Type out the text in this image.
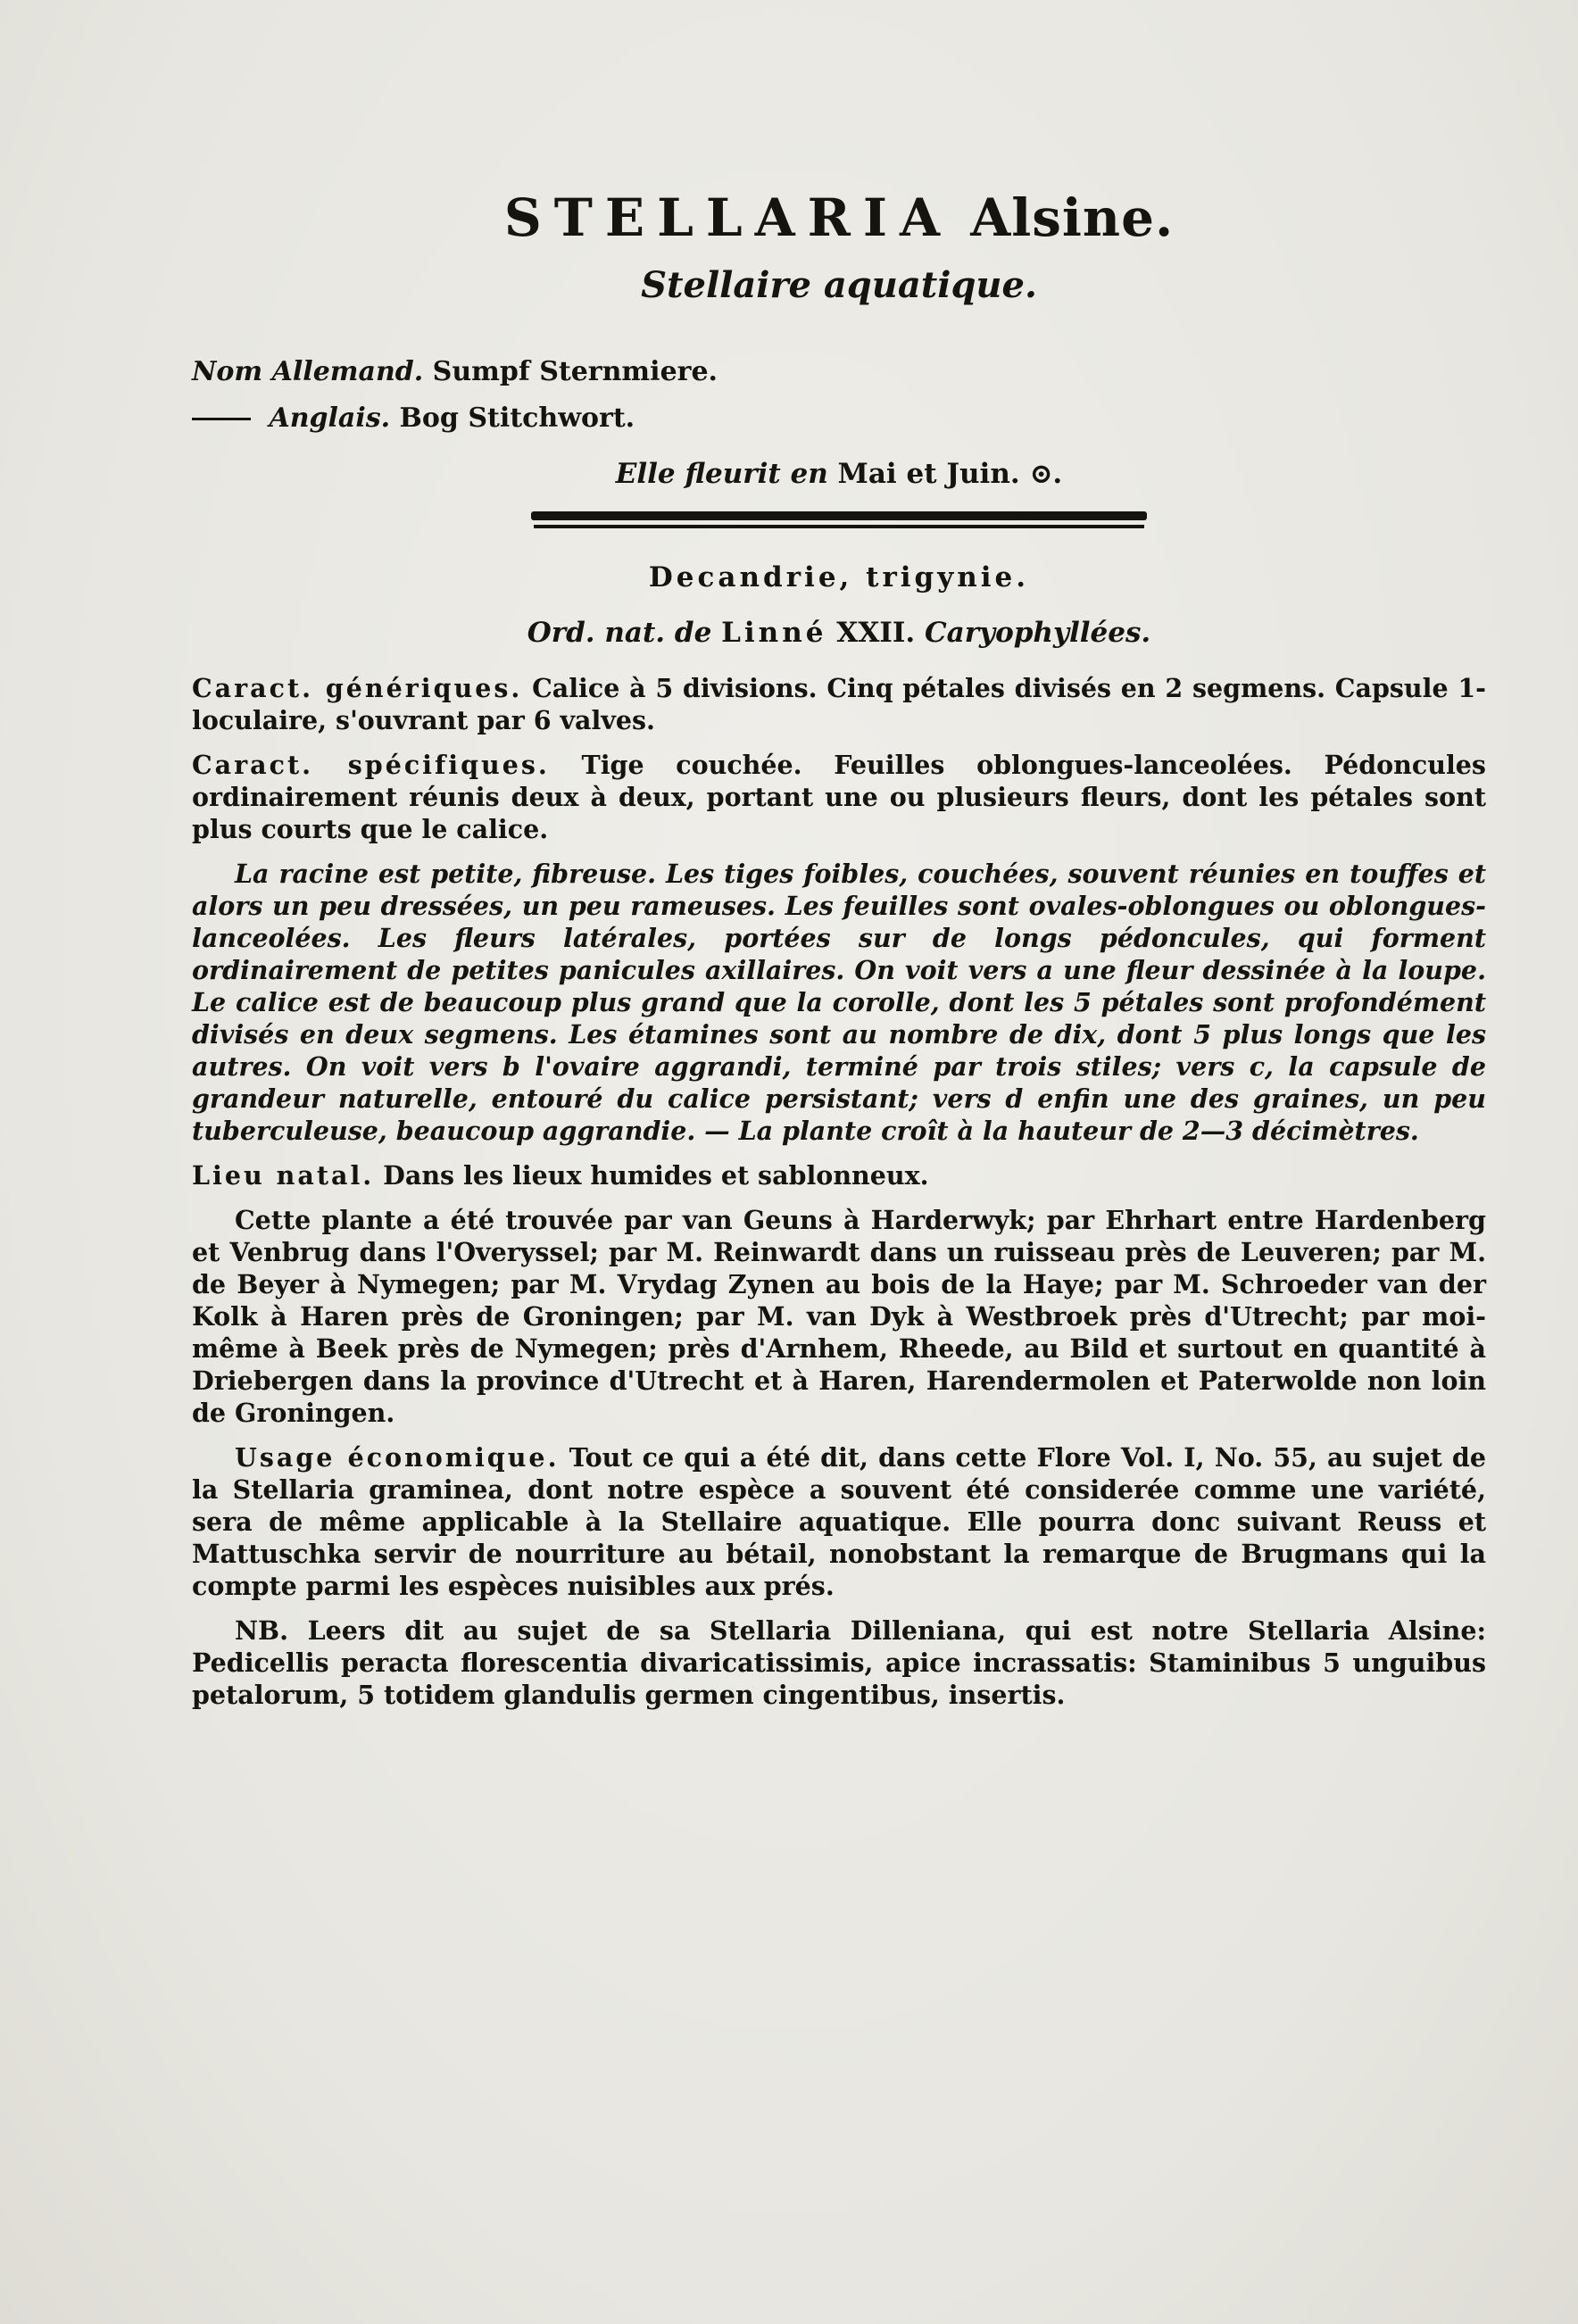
STELLARIA Alsine.
Stellaire aquatique.
Nom Allemand. Sumpf Sternmiere.
Anglais. Bog Stitchwort.
Elle fleurit en Mai et Juin. ⊙.
Decandrie, trigynie.
Ord. nat. de Linné XXII. Caryophyllées.

Caract. génériques. Calice à 5 divisions. Cinq pétales divisés en 2 segmens. Capsule 1-loculaire, s'ouvrant par 6 valves.

Caract. spécifiques. Tige couchée. Feuilles oblongues-lanceolées. Pédoncules ordinairement réunis deux à deux, portant une ou plusieurs fleurs, dont les pétales sont plus courts que le calice.

La racine est petite, fibreuse. Les tiges foibles, couchées, souvent réunies en touffes et alors un peu dressées, un peu rameuses. Les feuilles sont ovales-oblongues ou oblongues-lanceolées. Les fleurs latérales, portées sur de longs pédoncules, qui forment ordinairement de petites panicules axillaires. On voit vers a une fleur dessinée à la loupe. Le calice est de beaucoup plus grand que la corolle, dont les 5 pétales sont profondément divisés en deux segmens. Les étamines sont au nombre de dix, dont 5 plus longs que les autres. On voit vers b l'ovaire aggrandi, terminé par trois stiles; vers c, la capsule de grandeur naturelle, entouré du calice persistant; vers d enfin une des graines, un peu tuberculeuse, beaucoup aggrandie. — La plante croît à la hauteur de 2—3 décimètres.

Lieu natal. Dans les lieux humides et sablonneux.

Cette plante a été trouvée par van Geuns à Harderwyk; par Ehrhart entre Hardenberg et Venbrug dans l'Overyssel; par M. Reinwardt dans un ruisseau près de Leuveren; par M. de Beyer à Nymegen; par M. Vrydag Zynen au bois de la Haye; par M. Schroeder van der Kolk à Haren près de Groningen; par M. van Dyk à Westbroek près d'Utrecht; par moi-même à Beek près de Nymegen; près d'Arnhem, Rheede, au Bild et surtout en quantité à Driebergen dans la province d'Utrecht et à Haren, Harendermolen et Paterwolde non loin de Groningen.

Usage économique. Tout ce qui a été dit, dans cette Flore Vol. I, No. 55, au sujet de la Stellaria graminea, dont notre espèce a souvent été considerée comme une variété, sera de même applicable à la Stellaire aquatique. Elle pourra donc suivant Reuss et Mattuschka servir de nourriture au bétail, nonobstant la remarque de Brugmans qui la compte parmi les espèces nuisibles aux prés.

NB. Leers dit au sujet de sa Stellaria Dilleniana, qui est notre Stellaria Alsine: Pedicellis peracta florescentia divaricatissimis, apice incrassatis: Staminibus 5 unguibus petalorum, 5 totidem glandulis germen cingentibus, insertis.
